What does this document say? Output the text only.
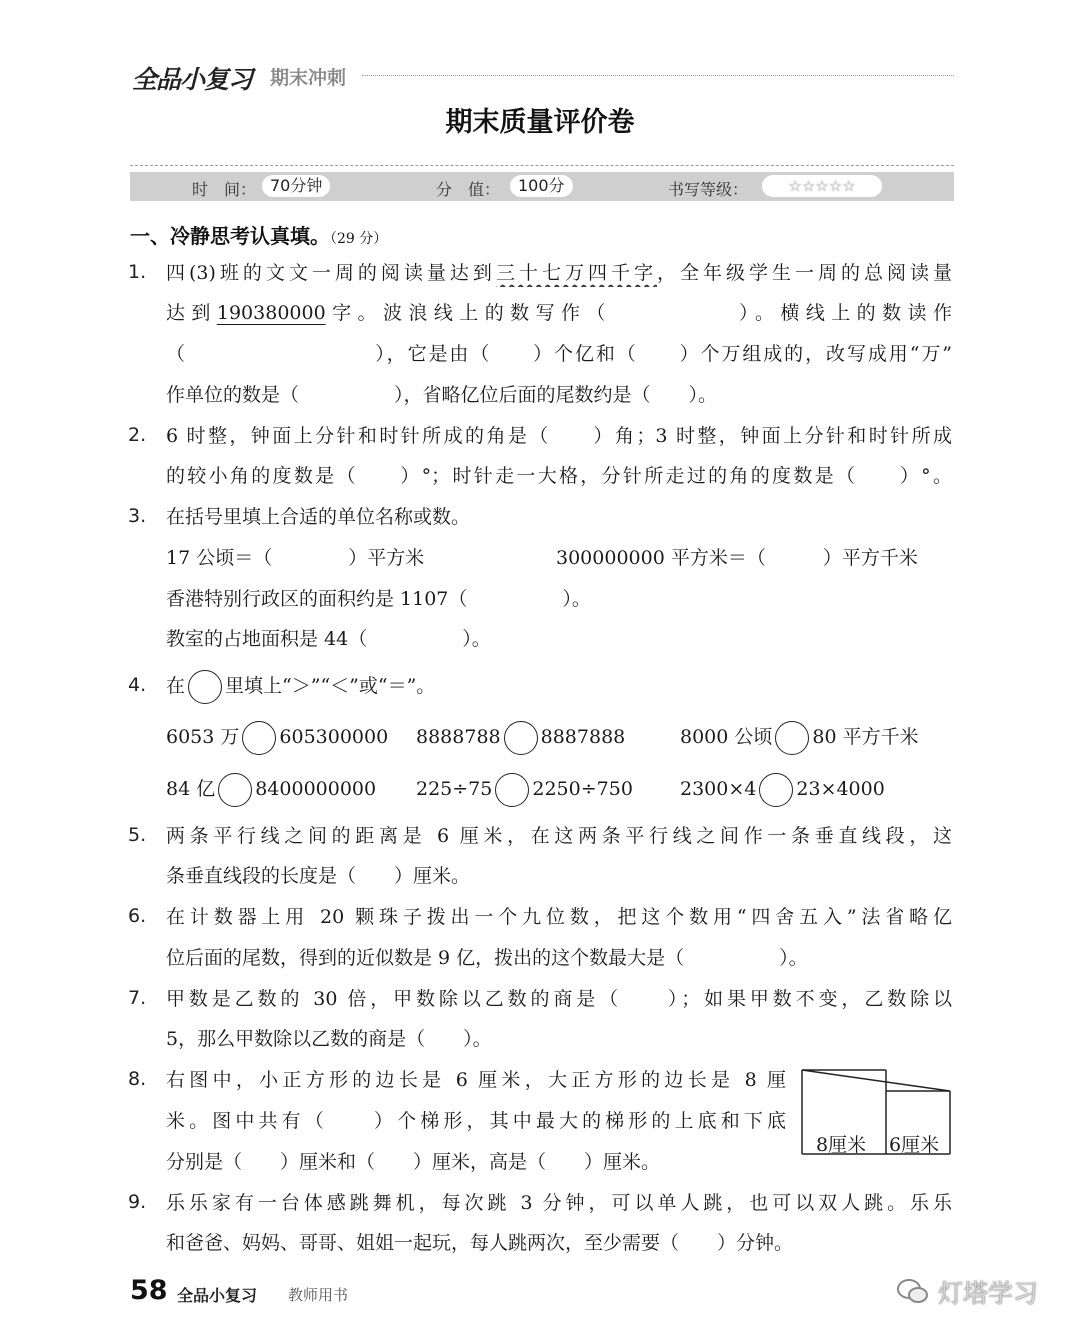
全品小复习 期末冲刺
期末质量评价卷
时　间： 70分钟	分　值：	100分	书写等级：	☆☆☆☆☆
一、冷静思考认真填。（29 分）
1.	四(3)班的文文一周的阅读量达到三十七万四千字，全年级学生一周的总阅读量
达到190380000字。波浪线上的数写作（　　　　　）。横线上的数读作
（　　　　　　　　　），它是由（　　）个亿和（　　）个万组成的，改写成用“万”
作单位的数是（　　　　　），省略亿位后面的尾数约是（　　）。
2.	6 时整，钟面上分针和时针所成的角是（　　）角；3 时整，钟面上分针和时针所成
的较小角的度数是（　　）°；时针走一大格，分针所走过的角的度数是（　　）°。
3.	在括号里填上合适的单位名称或数。
17 公顷＝（　　　　）平方米	300000000 平方米＝（　　　）平方千米
香港特别行政区的面积约是 1107（　　　　　）。
教室的占地面积是 44（　　　　　）。
4.	在 里填上“＞”“＜”或“＝”。
6053 万 605300000 8888788 8887888	8000 公顷 80 平方千米
84 亿 8400000000 225÷75 2250÷750 2300×4 23×4000
5.	两条平行线之间的距离是 6 厘米，在这两条平行线之间作一条垂直线段，这
条垂直线段的长度是（　　）厘米。
6.	在计数器上用 20 颗珠子拨出一个九位数，把这个数用“四舍五入”法省略亿
位后面的尾数，得到的近似数是 9 亿，拨出的这个数最大是（　　　　　）。
7.	甲数是乙数的 30 倍，甲数除以乙数的商是（　　）；如果甲数不变，乙数除以
5，那么甲数除以乙数的商是（　　）。
8.	右图中，小正方形的边长是 6 厘米，大正方形的边长是 8 厘
米。图中共有（　　）个梯形，其中最大的梯形的上底和下底
分别是（　　）厘米和（　　）厘米，高是（　　）厘米。
8厘米 6厘米
9.	乐乐家有一台体感跳舞机，每次跳 3 分钟，可以单人跳，也可以双人跳。乐乐
和爸爸、妈妈、哥哥、姐姐一起玩，每人跳两次，至少需要（　　）分钟。
58 全品小复习 教师用书	灯塔学习
